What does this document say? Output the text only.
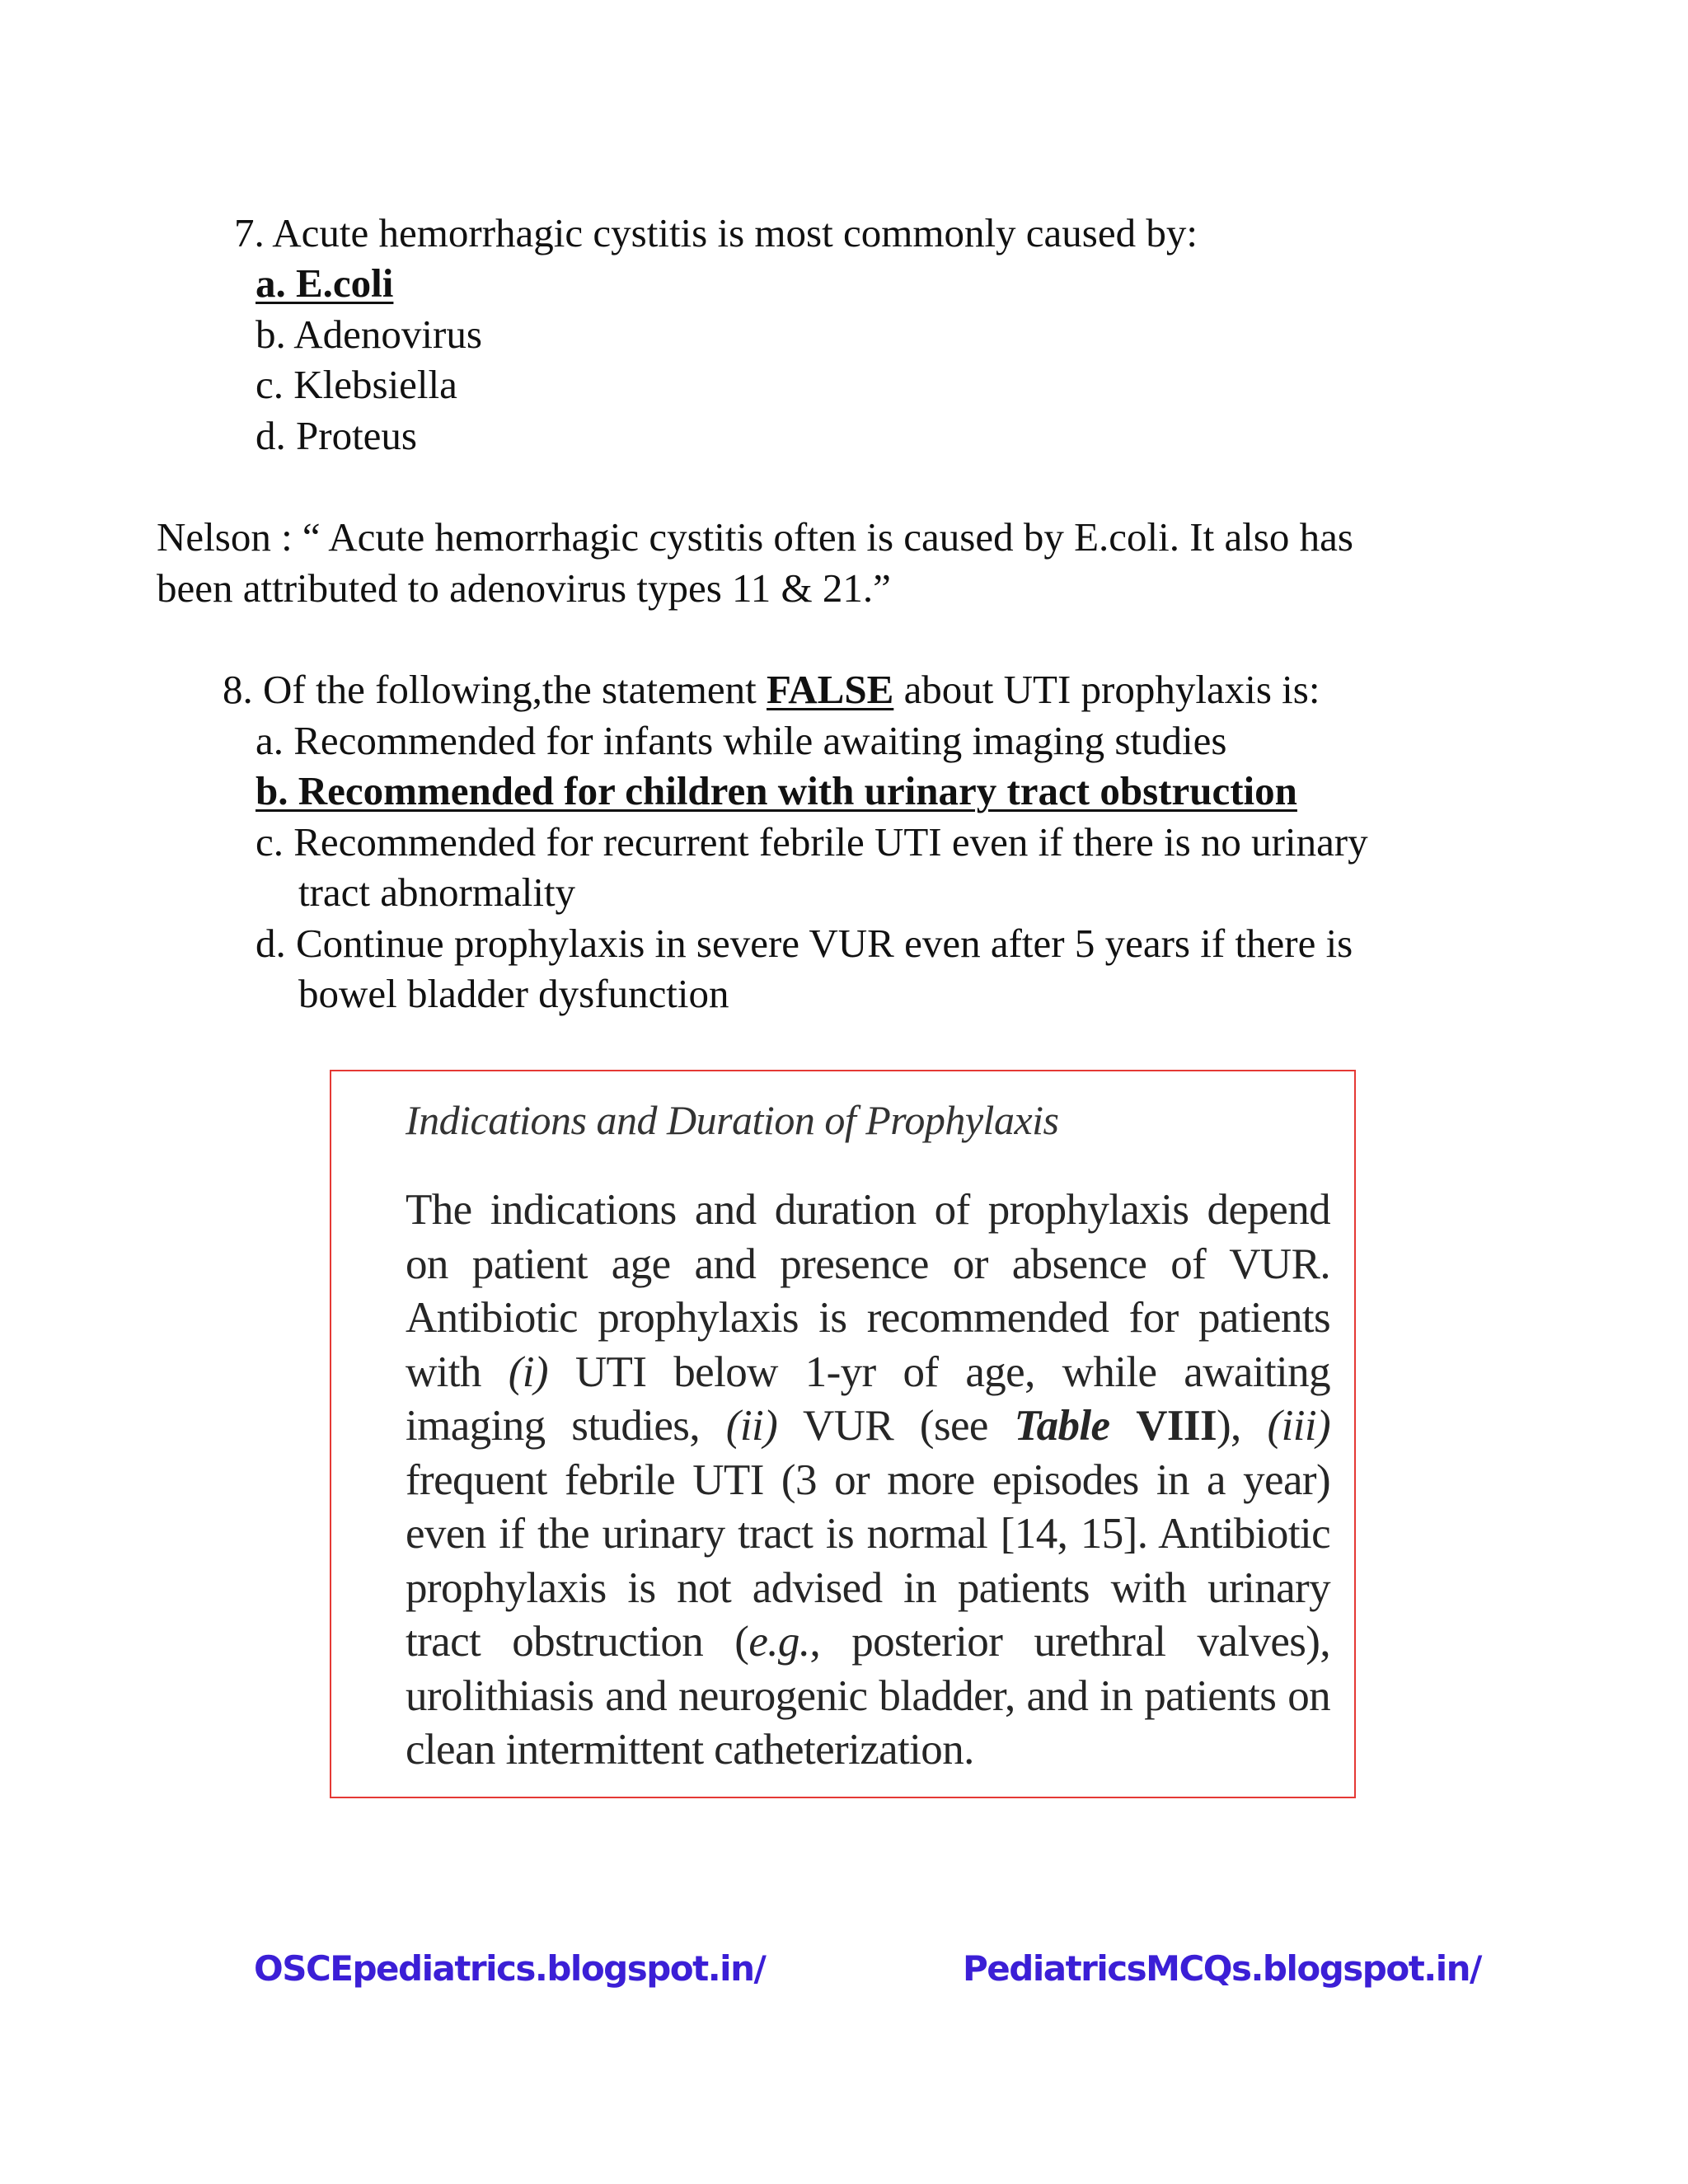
7. Acute hemorrhagic cystitis is most commonly caused by:
a. E.coli
b. Adenovirus
c. Klebsiella
d. Proteus
Nelson : “ Acute hemorrhagic cystitis often is caused by E.coli. It also has
been attributed to adenovirus types 11 & 21.”
8. Of the following,the statement FALSE about UTI prophylaxis is:
a. Recommended for infants while awaiting imaging studies
b. Recommended for children with urinary tract obstruction
c. Recommended for recurrent febrile UTI even if there is no urinary
tract abnormality
d. Continue prophylaxis in severe VUR even after 5 years if there is
bowel bladder dysfunction
Indications and Duration of Prophylaxis
The indications and duration of prophylaxis depend on patient age and presence or absence of VUR. Antibiotic prophylaxis is recommended for patients with (i) UTI below 1-yr of age, while awaiting imaging studies, (ii) VUR (see Table VIII), (iii) frequent febrile UTI (3 or more episodes in a year) even if the urinary tract is normal [14, 15]. Antibiotic prophylaxis is not advised in patients with urinary tract obstruction (e.g., posterior urethral valves), urolithiasis and neurogenic bladder, and in patients on clean intermittent catheterization.
OSCEpediatrics.blogspot.in/	PediatricsMCQs.blogspot.in/
